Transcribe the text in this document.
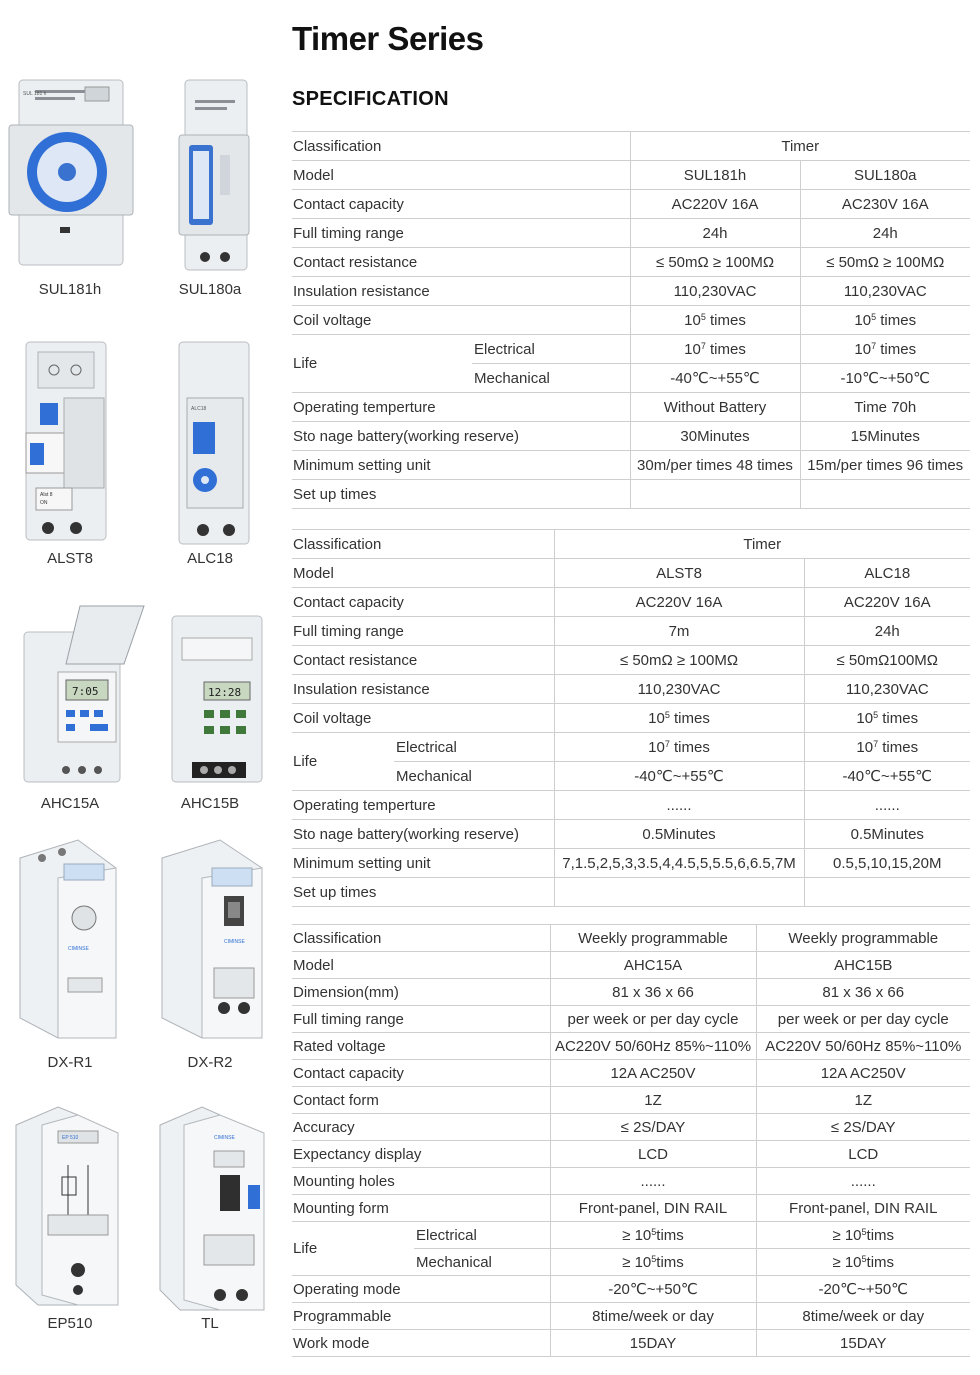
Timer Series
SPECIFICATION
SUL 181 h
SUL181h	SUL180a
Alst 8
ON
ALST8
ALC18
ALC18
7:05
AHC15A
12:28
AHC15B
CIMINSE
DX-R1
CIMINSE
DX-R2
EP 510
EP510
CIMINSE
TL
Classification		Timer	
Model		SUL181h	SUL180a
Contact capacity		AC220V 16A	AC230V 16A
Full timing range		24h	24h
Contact resistance		≤ 50mΩ ≥ 100MΩ	≤ 50mΩ ≥ 100MΩ
Insulation resistance		110,230VAC	110,230VAC
Coil voltage		$10^5$ times	$10^5$ times
Life	Electrical	$10^7$ times	$10^7$ times
	Mechanical	-40℃~+55℃	-10℃~+50℃
Operating temperture		Without Battery	Time 70h
Sto nage battery(working reserve)		30Minutes	15Minutes
Minimum setting unit		30m/per times 48 times	15m/per times 96 times
Set up times			
Classification		Timer	
Model		ALST8	ALC18
Contact capacity		AC220V 16A	AC220V 16A
Full timing range		7m	24h
Contact resistance		≤ 50mΩ ≥ 100MΩ	≤ 50mΩ100MΩ
Insulation resistance		110,230VAC	110,230VAC
Coil voltage		$10^5$ times	$10^5$ times
Life	Electrical	$10^7$ times	$10^7$ times
	Mechanical	-40℃~+55℃	-40℃~+55℃
Operating temperture		......	......
Sto nage battery(working reserve)		0.5Minutes	0.5Minutes
Minimum setting unit		7,1.5,2,5,3,3.5,4,4.5,5,5.5,6,6.5,7M	0.5,5,10,15,20M
Set up times			
Classification		Weekly programmable	Weekly programmable
Model		AHC15A	AHC15B
Dimension(mm)		81 x 36 x 66	81 x 36 x 66
Full timing range		per week or per day cycle	per week or per day cycle
Rated voltage		AC220V 50/60Hz 85%~110%	AC220V 50/60Hz 85%~110%
Contact capacity		12A AC250V	12A AC250V
Contact form		1Z	1Z
Accuracy		≤ 2S/DAY	≤ 2S/DAY
Expectancy display		LCD	LCD
Mounting holes		......	......
Mounting form		Front-panel, DIN RAIL	Front-panel, DIN RAIL
Life	Electrical	≥ $10^5tims$	≥ $10^5tims$
	Mechanical	≥ $10^5tims$	≥ $10^5tims$
Operating mode		-20℃~+50℃	-20℃~+50℃
Programmable		8time/week or day	8time/week or day
Work mode		15DAY	15DAY
